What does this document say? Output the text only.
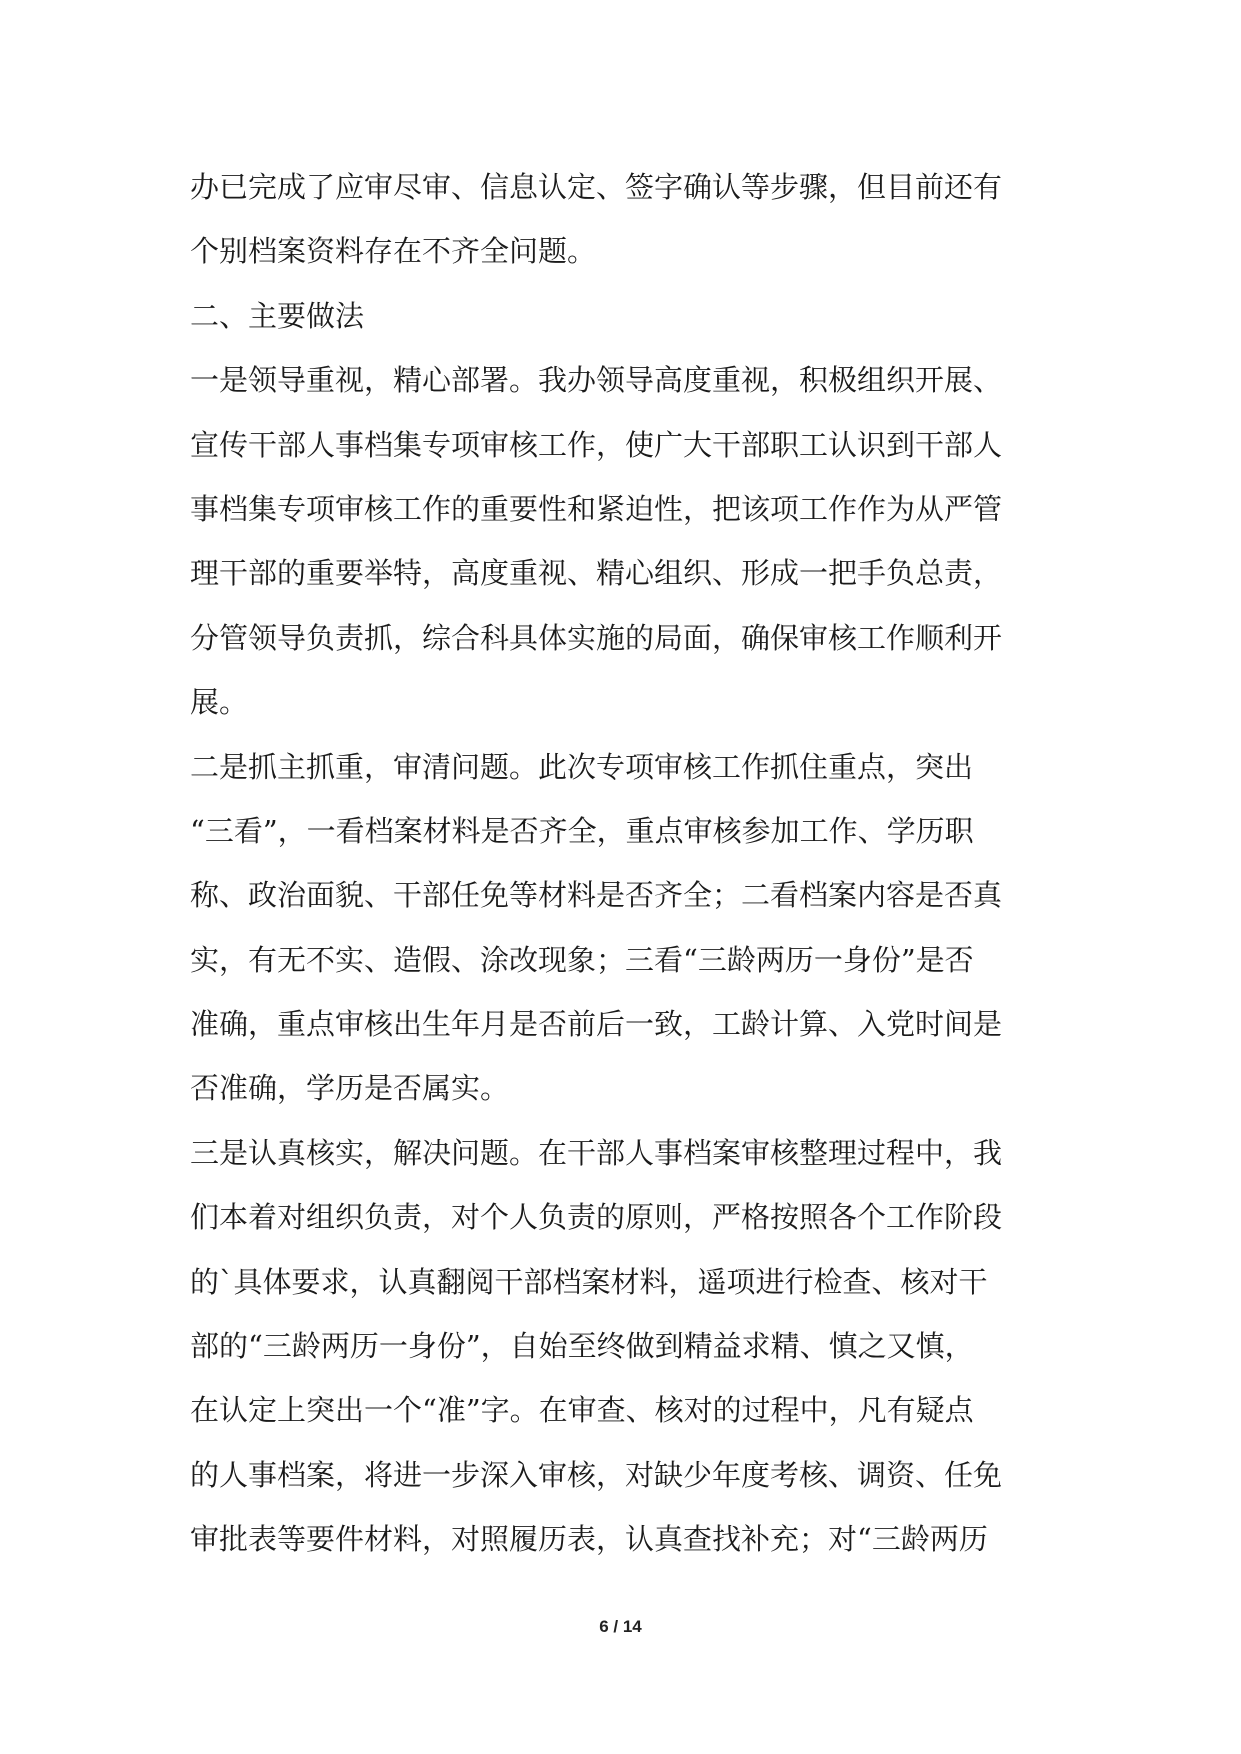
办已完成了应审尽审、信息认定、签字确认等步骤，但目前还有
个别档案资料存在不齐全问题。
二、主要做法
一是领导重视，精心部署。我办领导高度重视，积极组织开展、
宣传干部人事档集专项审核工作，使广大干部职工认识到干部人
事档集专项审核工作的重要性和紧迫性，把该项工作作为从严管
理干部的重要举特，高度重视、精心组织、形成一把手负总责，
分管领导负责抓，综合科具体实施的局面，确保审核工作顺利开
展。
二是抓主抓重，审清问题。此次专项审核工作抓住重点，突出
“三看”，一看档案材料是否齐全，重点审核参加工作、学历职
称、政治面貌、干部任免等材料是否齐全；二看档案内容是否真
实，有无不实、造假、涂改现象；三看“三龄两历一身份”是否
准确，重点审核出生年月是否前后一致，工龄计算、入党时间是
否准确，学历是否属实。
三是认真核实，解决问题。在干部人事档案审核整理过程中，我
们本着对组织负责，对个人负责的原则，严格按照各个工作阶段
的`具体要求，认真翻阅干部档案材料，遥项进行检查、核对干
部的“三龄两历一身份”，自始至终做到精益求精、慎之又慎，
在认定上突出一个“准”字。在审查、核对的过程中，凡有疑点
的人事档案，将进一步深入审核，对缺少年度考核、调资、任免
审批表等要件材料，对照履历表，认真查找补充；对“三龄两历
6 / 14
